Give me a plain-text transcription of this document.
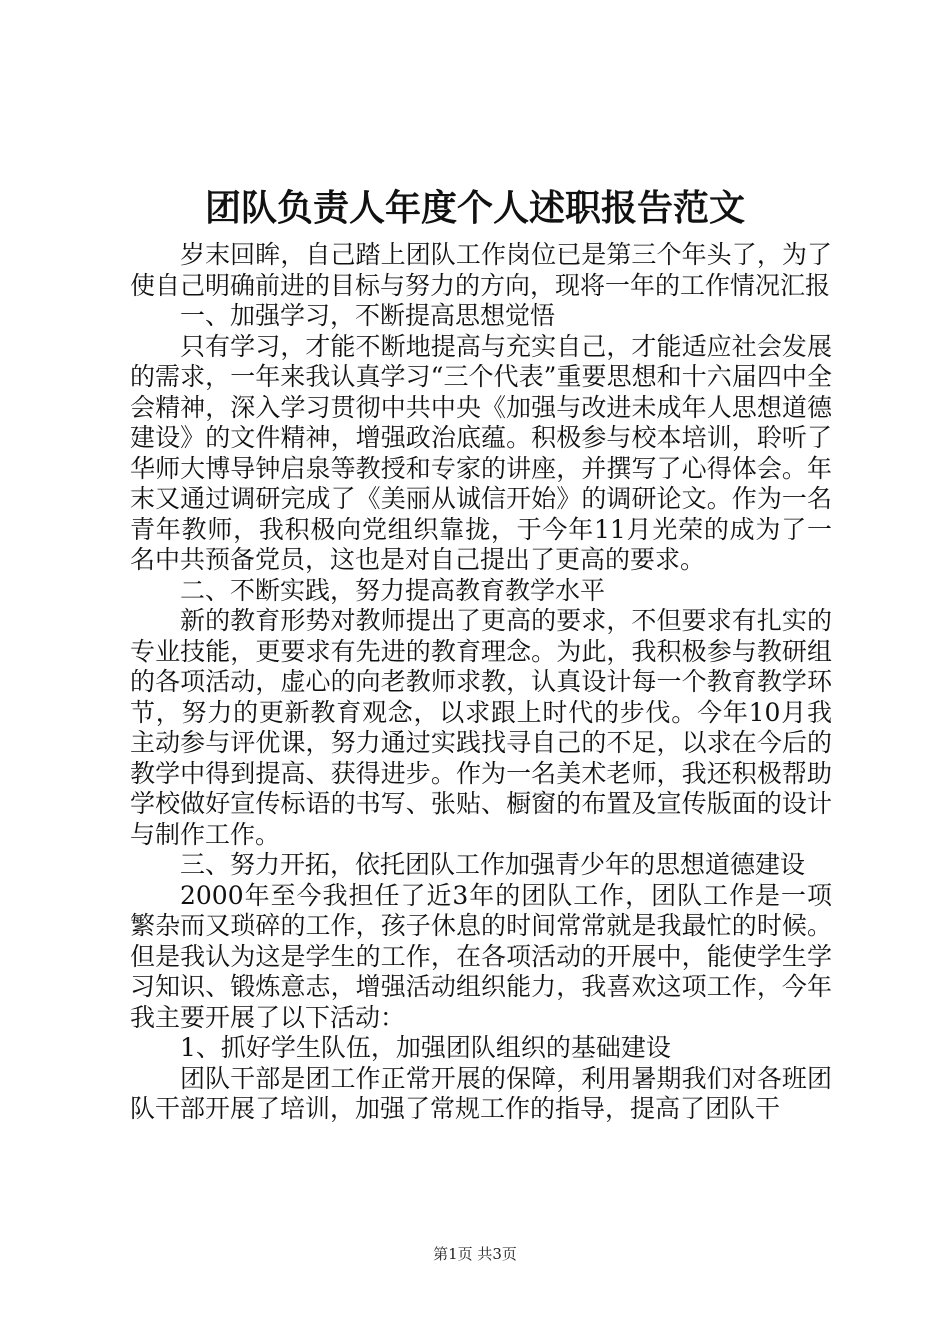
团队负责人年度个人述职报告范文

岁末回眸，自己踏上团队工作岗位已是第三个年头了，为了使自己明确前进的目标与努力的方向，现将一年的工作情况汇报

一、加强学习，不断提高思想觉悟

只有学习，才能不断地提高与充实自己，才能适应社会发展的需求，一年来我认真学习“三个代表”重要思想和十六届四中全会精神，深入学习贯彻中共中央《加强与改进未成年人思想道德建设》的文件精神，增强政治底蕴。积极参与校本培训，聆听了华师大博导钟启泉等教授和专家的讲座，并撰写了心得体会。年末又通过调研完成了《美丽从诚信开始》的调研论文。作为一名青年教师，我积极向党组织靠拢，于今年11月光荣的成为了一名中共预备党员，这也是对自己提出了更高的要求。

二、不断实践，努力提高教育教学水平

新的教育形势对教师提出了更高的要求，不但要求有扎实的专业技能，更要求有先进的教育理念。为此，我积极参与教研组的各项活动，虚心的向老教师求教，认真设计每一个教育教学环节，努力的更新教育观念，以求跟上时代的步伐。今年10月我主动参与评优课，努力通过实践找寻自己的不足，以求在今后的教学中得到提高、获得进步。作为一名美术老师，我还积极帮助学校做好宣传标语的书写、张贴、橱窗的布置及宣传版面的设计与制作工作。

三、努力开拓，依托团队工作加强青少年的思想道德建设

2000年至今我担任了近3年的团队工作，团队工作是一项繁杂而又琐碎的工作，孩子休息的时间常常就是我最忙的时候。但是我认为这是学生的工作，在各项活动的开展中，能使学生学习知识、锻炼意志，增强活动组织能力，我喜欢这项工作，今年我主要开展了以下活动：

1、抓好学生队伍，加强团队组织的基础建设

团队干部是团工作正常开展的保障，利用暑期我们对各班团队干部开展了培训，加强了常规工作的指导，提高了团队干

第1页 共3页
